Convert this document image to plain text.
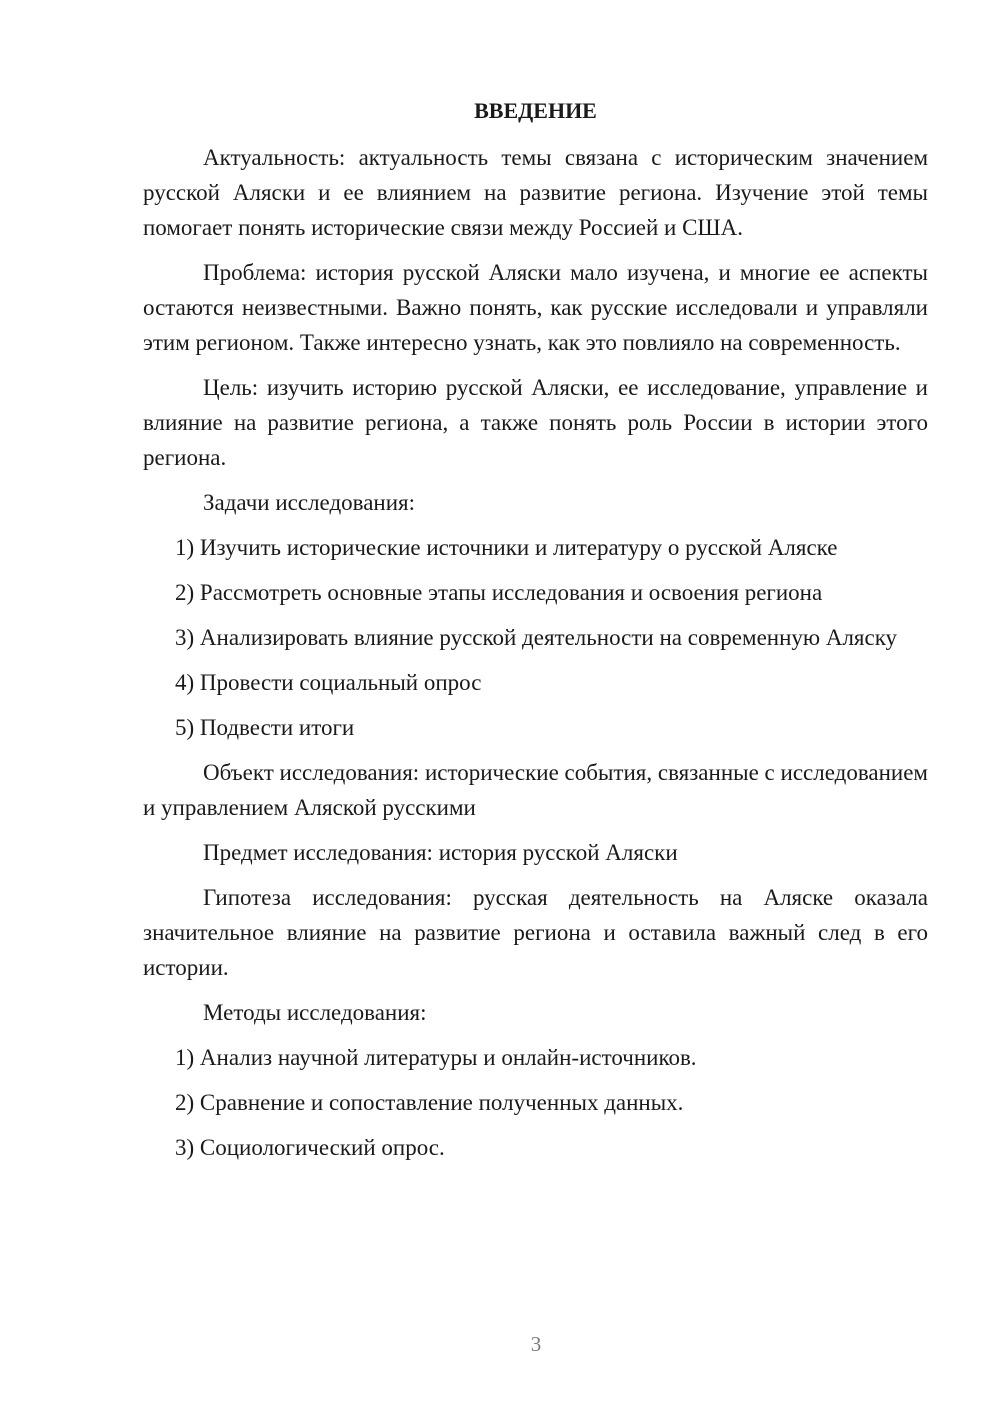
ВВЕДЕНИЕ

Актуальность: актуальность темы связана с историческим значением русской Аляски и ее влиянием на развитие региона. Изучение этой темы помогает понять исторические связи между Россией и США.

Проблема: история русской Аляски мало изучена, и многие ее аспекты остаются неизвестными. Важно понять, как русские исследовали и управляли этим регионом. Также интересно узнать, как это повлияло на современность.

Цель: изучить историю русской Аляски, ее исследование, управление и влияние на развитие региона, а также понять роль России в истории этого региона.

Задачи исследования:

1) Изучить исторические источники и литературу о русской Аляске

2) Рассмотреть основные этапы исследования и освоения региона

3) Анализировать влияние русской деятельности на современную Аляску

4) Провести социальный опрос

5) Подвести итоги

Объект исследования: исторические события, связанные с исследованием и управлением Аляской русскими

Предмет исследования: история русской Аляски

Гипотеза исследования: русская деятельность на Аляске оказала значительное влияние на развитие региона и оставила важный след в его истории.

Методы исследования:

1) Анализ научной литературы и онлайн-источников.

2) Сравнение и сопоставление полученных данных.

3) Социологический опрос.

3
